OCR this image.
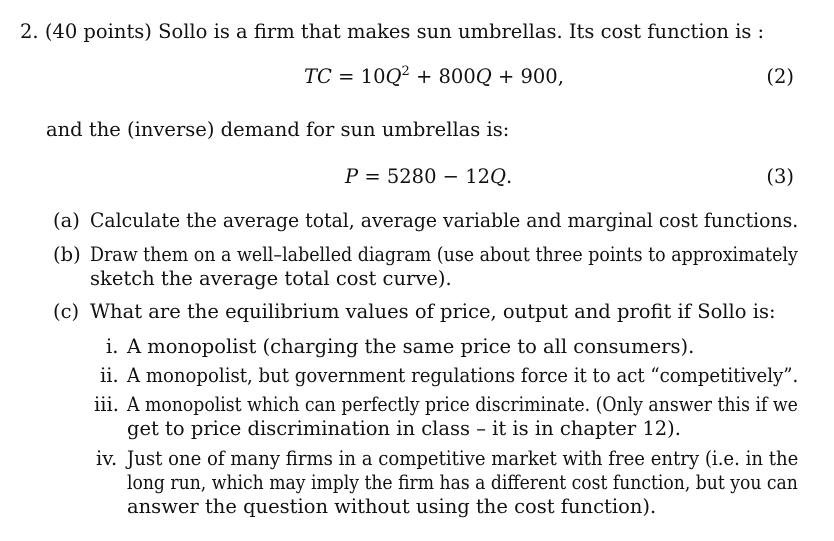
2. (40 points) Sollo is a firm that makes sun umbrellas. Its cost function is :
TC = $10Q^2 + 800Q + 900$,	(2)
and the (inverse) demand for sun umbrellas is:
P = 5280 − 12Q.	(3)
(a) Calculate the average total, average variable and marginal cost functions.
(b) Draw them on a well–labelled diagram (use about three points to approximately
sketch the average total cost curve).
(c) What are the equilibrium values of price, output and profit if Sollo is:
i. A monopolist (charging the same price to all consumers).
ii. A monopolist, but government regulations force it to act “competitively”.
iii. A monopolist which can perfectly price discriminate. (Only answer this if we
get to price discrimination in class – it is in chapter 12).
iv. Just one of many firms in a competitive market with free entry (i.e. in the
long run, which may imply the firm has a different cost function, but you can
answer the question without using the cost function).
